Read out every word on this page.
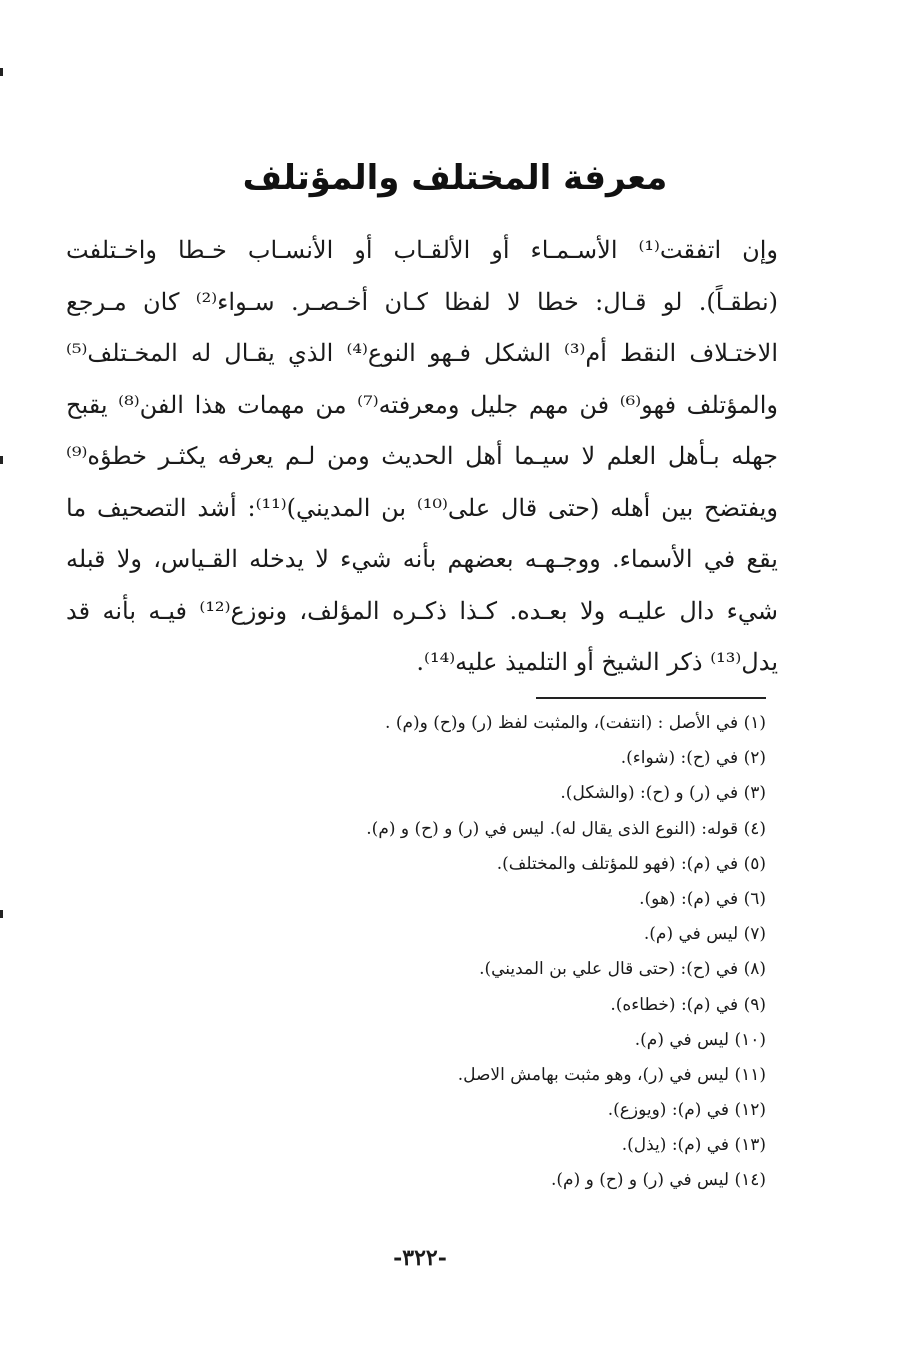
معرفة المختلف والمؤتلف
وإن اتفقت⁽¹⁾ الأسـمـاء أو الألقـاب أو الأنسـاب خـطا واخـتلفت
(نطقـاً). لو قـال: خطا لا لفظا كـان أخـصـر. سـواء⁽²⁾ كان مـرجع
الاختـلاف النقط أم⁽³⁾ الشكل فـهو النوع⁽⁴⁾ الذي يقـال له المخـتلف⁽⁵⁾
والمؤتلف فهو⁽⁶⁾ فن مهم جليل ومعرفته⁽⁷⁾ من مهمات هذا الفن⁽⁸⁾ يقبح
جهله بـأهل العلم لا سيـما أهل الحديث ومن لـم يعرفه يكثـر خطؤه⁽⁹⁾
ويفتضح بين أهله (حتى قال على⁽¹⁰⁾ بن المديني)⁽¹¹⁾: أشد التصحيف ما
يقع في الأسماء. ووجـهـه بعضهم بأنه شيء لا يدخله القـياس، ولا قبله
شيء دال عليـه ولا بعـده. كـذا ذكـره المؤلف، ونوزع⁽¹²⁾ فيـه بأنه قد
يدل⁽¹³⁾ ذكر الشيخ أو التلميذ عليه⁽¹⁴⁾.
(١) في الأصل : (انتفت)، والمثبت لفظ (ر) و(ح) و(م) .
(٢) في (ح): (شواء).
(٣) في (ر) و (ح): (والشكل).
(٤) قوله: (النوع الذى يقال له). ليس في (ر) و (ح) و (م).
(٥) في (م): (فهو للمؤتلف والمختلف).
(٦) في (م): (هو).
(٧) ليس في (م).
(٨) في (ح): (حتى قال علي بن المديني).
(٩) في (م): (خطاءه).
(١٠) ليس في (م).
(١١) ليس في (ر)، وهو مثبت بهامش الاصل.
(١٢) في (م): (ويوزع).
(١٣) في (م): (يذل).
(١٤) ليس في (ر) و (ح) و (م).
-٣٢٢-
